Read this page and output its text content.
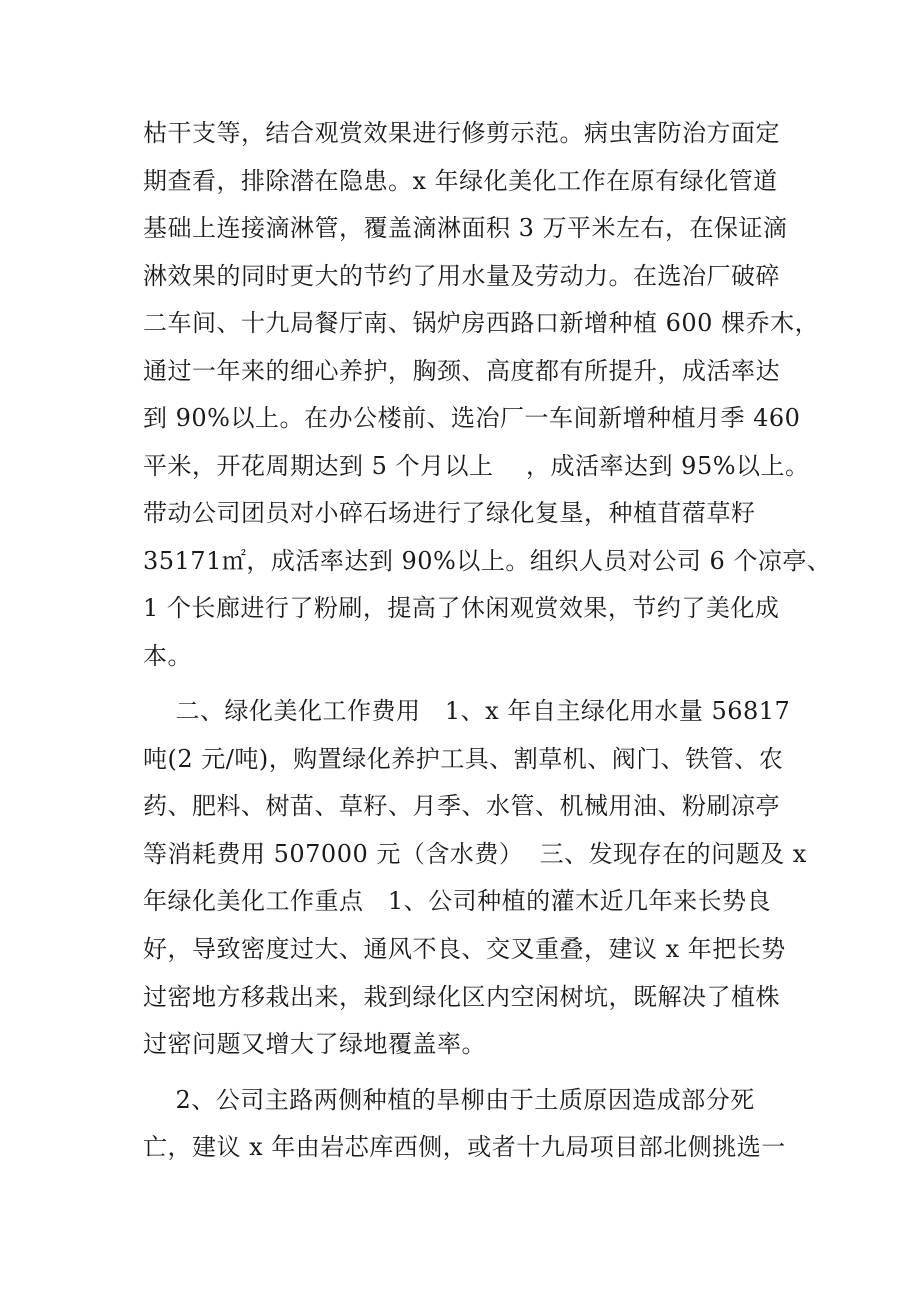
枯干支等，结合观赏效果进行修剪示范。病虫害防治方面定
期查看，排除潜在隐患。x 年绿化美化工作在原有绿化管道
基础上连接滴淋管，覆盖滴淋面积 3 万平米左右，在保证滴
淋效果的同时更大的节约了用水量及劳动力。在选冶厂破碎
二车间、十九局餐厅南、锅炉房西路口新增种植 600 棵乔木，
通过一年来的细心养护，胸颈、高度都有所提升，成活率达
到 90%以上。在办公楼前、选冶厂一车间新增种植月季 460
平米，开花周期达到 5 个月以上    ，成活率达到 95%以上。
带动公司团员对小碎石场进行了绿化复垦，种植苜蓿草籽
35171㎡，成活率达到 90%以上。组织人员对公司 6 个凉亭、
1 个长廊进行了粉刷，提高了休闲观赏效果，节约了美化成
本。
二、绿化美化工作费用   1、x 年自主绿化用水量 56817
吨(2 元/吨)，购置绿化养护工具、割草机、阀门、铁管、农
药、肥料、树苗、草籽、月季、水管、机械用油、粉刷凉亭
等消耗费用 507000 元（含水费）  三、发现存在的问题及 x
年绿化美化工作重点   1、公司种植的灌木近几年来长势良
好，导致密度过大、通风不良、交叉重叠，建议 x 年把长势
过密地方移栽出来，栽到绿化区内空闲树坑，既解决了植株
过密问题又增大了绿地覆盖率。
2、公司主路两侧种植的旱柳由于土质原因造成部分死
亡，建议 x 年由岩芯库西侧，或者十九局项目部北侧挑选一
